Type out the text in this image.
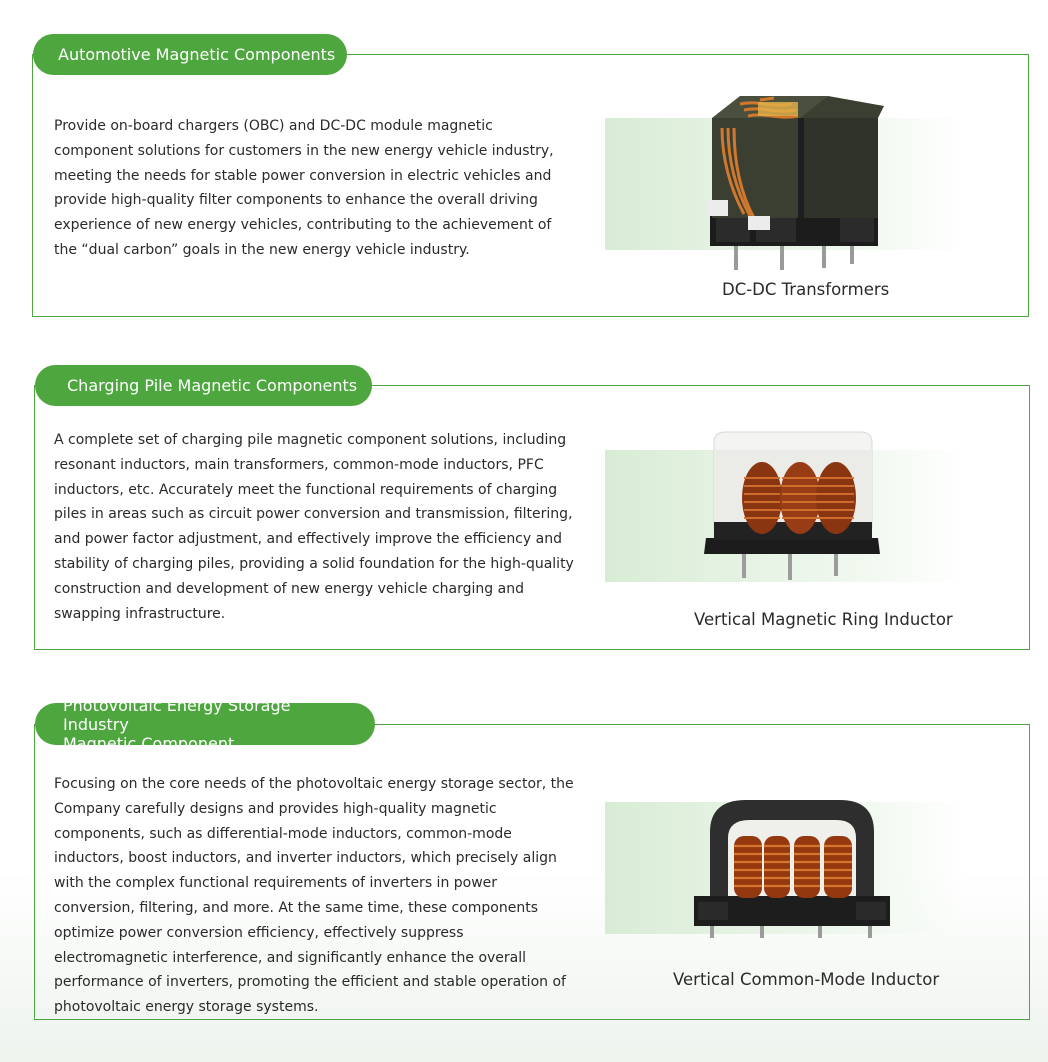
Automotive Magnetic Components

Provide on-board chargers (OBC) and DC-DC module magnetic component solutions for customers in the new energy vehicle industry, meeting the needs for stable power conversion in electric vehicles and provide high-quality filter components to enhance the overall driving experience of new energy vehicles, contributing to the achievement of the “dual carbon” goals in the new energy vehicle industry.

DC-DC Transformers
Charging Pile Magnetic Components

A complete set of charging pile magnetic component solutions, including resonant inductors, main transformers, common-mode inductors, PFC inductors, etc. Accurately meet the functional requirements of charging piles in areas such as circuit power conversion and transmission, filtering, and power factor adjustment, and effectively improve the efficiency and stability of charging piles, providing a solid foundation for the high-quality construction and development of new energy vehicle charging and swapping infrastructure.	Vertical Magnetic Ring Inductor
Photovoltaic Energy Storage Industry
Magnetic Component

Focusing on the core needs of the photovoltaic energy storage sector, the Company carefully designs and provides high-quality magnetic components, such as differential-mode inductors, common-mode inductors, boost inductors, and inverter inductors, which precisely align with the complex functional requirements of inverters in power conversion, filtering, and more. At the same time, these components optimize power conversion efficiency, effectively suppress electromagnetic interference, and significantly enhance the overall performance of inverters, promoting the efficient and stable operation of photovoltaic energy storage systems.

Vertical Common-Mode Inductor
